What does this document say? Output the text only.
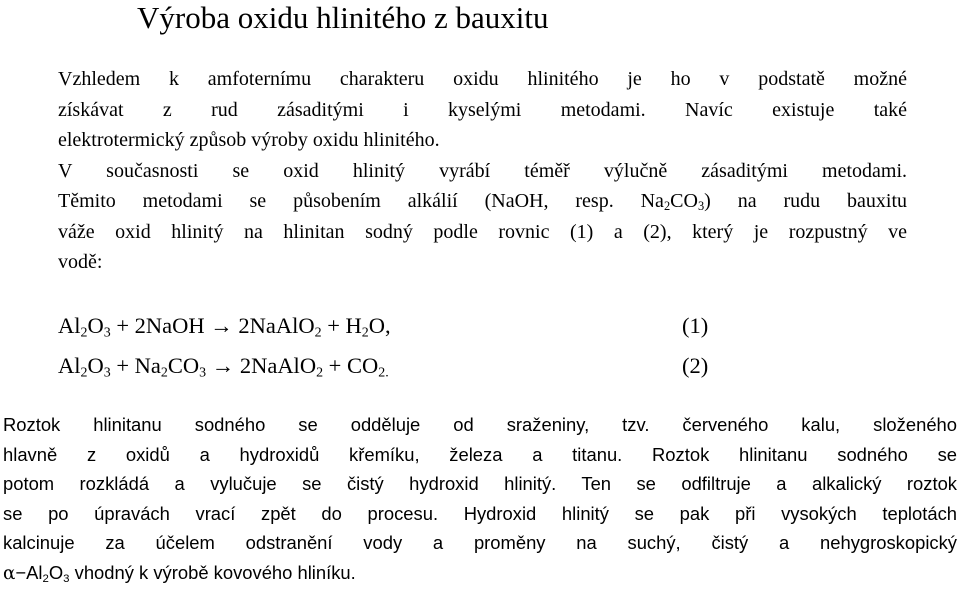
Výroba oxidu hlinitého z bauxitu
Vzhledem k amfoternímu charakteru oxidu hlinitého je ho v podstatě možné
získávat z rud zásaditými i kyselými metodami. Navíc existuje také
elektrotermický způsob výroby oxidu hlinitého.
V současnosti se oxid hlinitý vyrábí téměř výlučně zásaditými metodami.
Těmito metodami se působením alkálií (NaOH, resp. $Na_2CO_3$) na rudu bauxitu
váže oxid hlinitý na hlinitan sodný podle rovnic (1) a (2), který je rozpustný ve
vodě:
$Al_2O_3$ + 2NaOH → 2NaAlO$_2$ + $H_2O$,	(1)
$Al_2O_3 + Na_2CO_3$ → 2NaAlO$_2$ + $CO_{2.}$	(2)
Roztok hlinitanu sodného se odděluje od sraženiny, tzv. červeného kalu, složeného
hlavně z oxidů a hydroxidů křemíku, železa a titanu. Roztok hlinitanu sodného se
potom rozkládá a vylučuje se čistý hydroxid hlinitý. Ten se odfiltruje a alkalický roztok
se po úpravách vrací zpět do procesu. Hydroxid hlinitý se pak při vysokých teplotách
kalcinuje za účelem odstranění vody a proměny na suchý, čistý a nehygroskopický
$\alpha-Al_2O_3$ vhodný k výrobě kovového hliníku.
